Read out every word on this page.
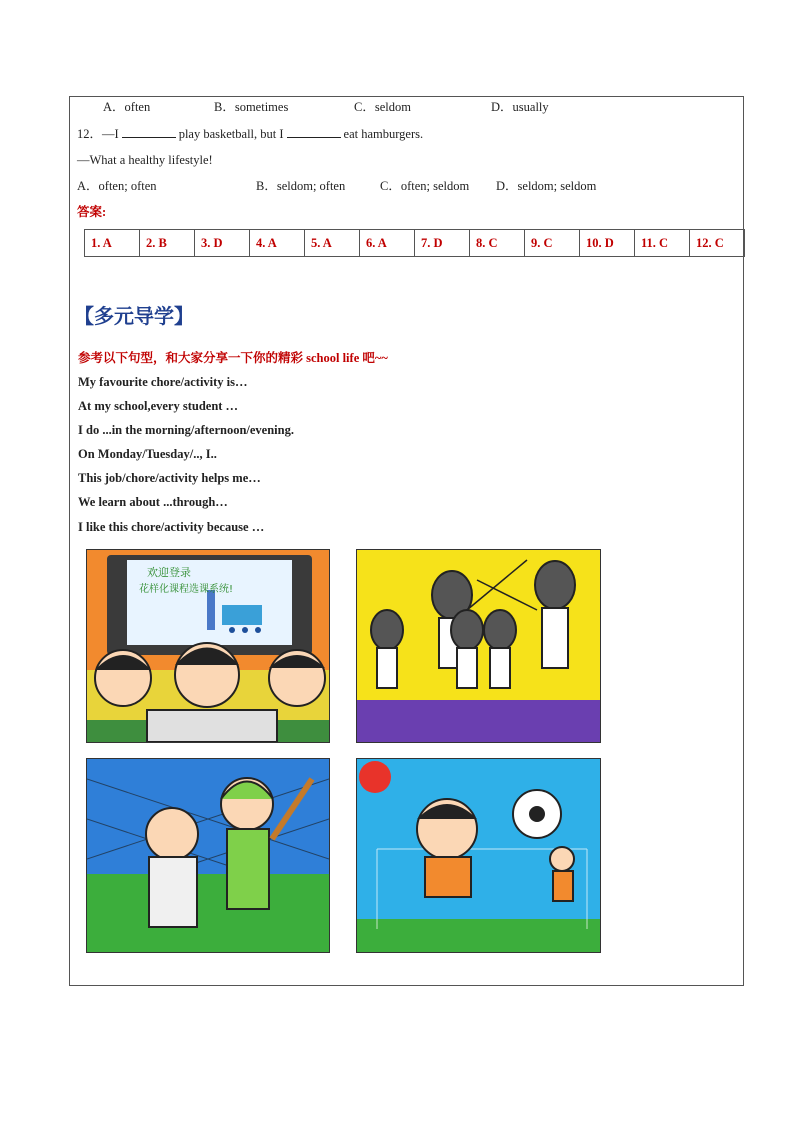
A．often	B．sometimes	C．seldom	D．usually
12．—I	play basketball, but I	eat hamburgers.
—What a healthy lifestyle!
A．often; often	B．seldom; often	C．often; seldom D．seldom; seldom
答案:
1. A	2. B	3. D	4. A	5. A	6. A	7. D	8. C	9. C	10. D	11. C	12. C
【多元导学】
参考以下句型，和大家分享一下你的精彩 school life 吧~~
My favourite chore/activity is…
At my school,every student …
I do ...in the morning/afternoon/evening.
On Monday/Tuesday/.., I..
This job/chore/activity helps me…
We learn about ...through…
I like this chore/activity because …
欢迎登录
花样化课程选课系统!
